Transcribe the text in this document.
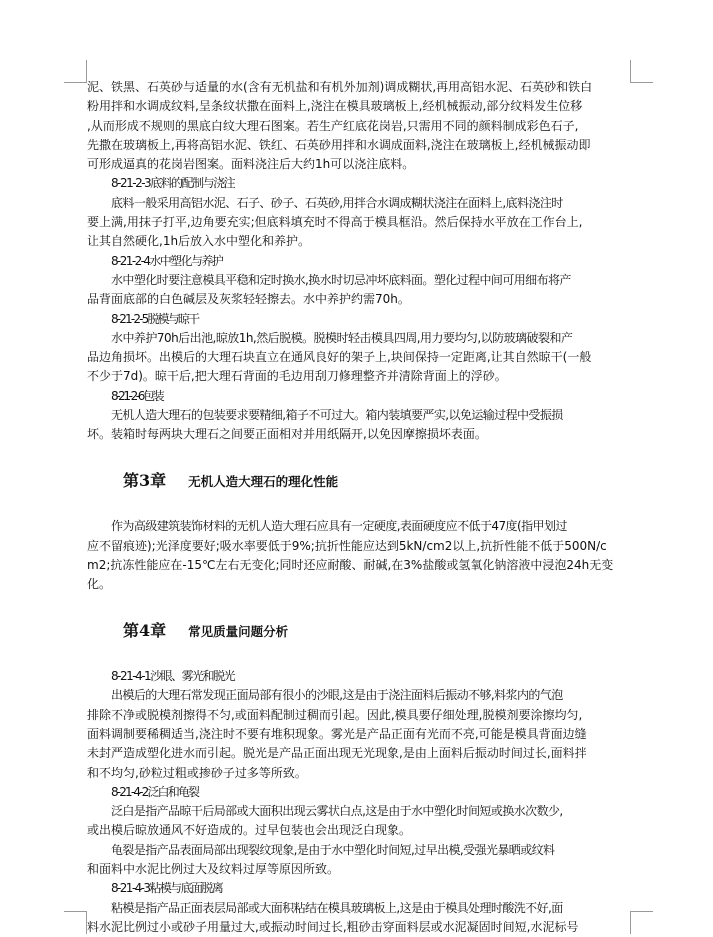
泥、铁黑、石英砂与适量的水(含有无机盐和有机外加剂)调成糊状,再用高铝水泥、石英砂和铁白
粉用拌和水调成纹料,呈条纹状撒在面料上,浇注在模具玻璃板上,经机械振动,部分纹料发生位移
,从而形成不规则的黑底白纹大理石图案。若生产红底花岗岩,只需用不同的颜料制成彩色石子,
先撒在玻璃板上,再将高铝水泥、铁红、石英砂用拌和水调成面料,浇注在玻璃板上,经机械振动即
可形成逼真的花岗岩图案。面料浇注后大约1h可以浇注底料。
8-21-2-3底料的配制与浇注
底料一般采用高铝水泥、石子、砂子、石英砂,用拌合水调成糊状浇注在面料上,底料浇注时
要上满,用抹子打平,边角要充实;但底料填充时不得高于模具框沿。然后保持水平放在工作台上,
让其自然硬化,1h后放入水中塑化和养护。
8-21-2-4水中塑化与养护
水中塑化时要注意模具平稳和定时换水,换水时切忌冲坏底料面。塑化过程中间可用细布将产
品背面底部的白色碱层及灰浆轻轻擦去。水中养护约需70h。
8-21-2-5脱模与晾干
水中养护70h后出池,晾放1h,然后脱模。脱模时轻击模具四周,用力要均匀,以防玻璃破裂和产
品边角损坏。出模后的大理石块直立在通风良好的架子上,块间保持一定距离,让其自然晾干(一般
不少于7d)。晾干后,把大理石背面的毛边用刮刀修理整齐并清除背面上的浮砂。
8-21-2-6包装
无机人造大理石的包装要求要精细,箱子不可过大。箱内装填要严实,以免运输过程中受振损
坏。装箱时每两块大理石之间要正面相对并用纸隔开,以免因摩擦损坏表面。
第3章 无机人造大理石的理化性能
作为高级建筑装饰材料的无机人造大理石应具有一定硬度,表面硬度应不低于47度(指甲划过
应不留痕迹);光泽度要好;吸水率要低于9%;抗折性能应达到5kN/cm2以上,抗折性能不低于500N/c
m2;抗冻性能应在-15℃左右无变化;同时还应耐酸、耐碱,在3%盐酸或氢氧化钠溶液中浸泡24h无变
化。
第4章 常见质量问题分析
8-21-4-1沙眼、雾光和脱光
出模后的大理石常发现正面局部有很小的沙眼,这是由于浇注面料后振动不够,料浆内的气泡
排除不净或脱模剂擦得不匀,或面料配制过稠而引起。因此,模具要仔细处理,脱模剂要涂擦均匀,
面料调制要稀稠适当,浇注时不要有堆积现象。雾光是产品正面有光而不亮,可能是模具背面边缝
未封严造成塑化进水而引起。脱光是产品正面出现无光现象,是由上面料后振动时间过长,面料拌
和不均匀,砂粒过粗或掺砂子过多等所致。
8-21-4-2泛白和龟裂
泛白是指产品晾干后局部或大面积出现云雾状白点,这是由于水中塑化时间短或换水次数少,
或出模后晾放通风不好造成的。过早包装也会出现泛白现象。
龟裂是指产品表面局部出现裂纹现象,是由于水中塑化时间短,过早出模,受强光暴晒或纹料
和面料中水泥比例过大及纹料过厚等原因所致。
8-21-4-3粘模与底面脱离
粘模是指产品正面表层局部或大面积粘结在模具玻璃板上,这是由于模具处理时酸洗不好,面
料水泥比例过小或砂子用量过大,或振动时间过长,粗砂击穿面料层或水泥凝固时间短,水泥标号
